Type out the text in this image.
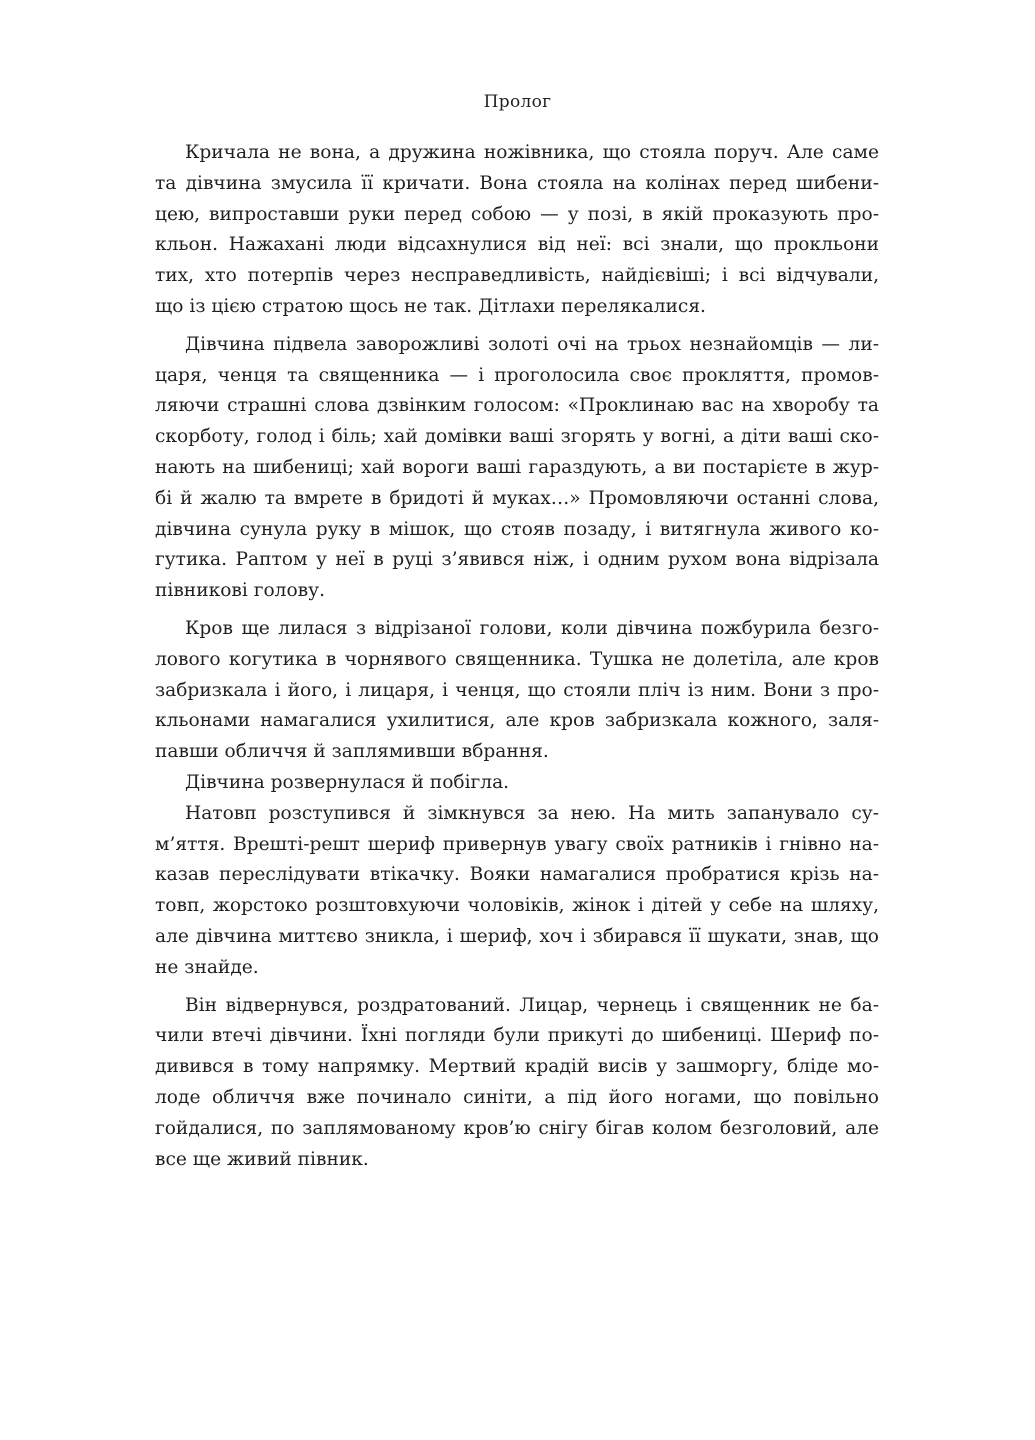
Пролог
Кричала не вона, а дружина ножівника, що стояла поруч. Але саме
та дівчина змусила її кричати. Вона стояла на колінах перед шибени-
цею, випроставши руки перед собою — у позі, в якій проказують про-
кльон. Нажахані люди відсахнулися від неї: всі знали, що прокльони
тих, хто потерпів через несправедливість, найдієвіші; і всі відчували,
що із цією стратою щось не так. Дітлахи перелякалися.
Дівчина підвела заворожливі золоті очі на трьох незнайомців — ли-
царя, ченця та священника — і проголосила своє прокляття, промов-
ляючи страшні слова дзвінким голосом: «Проклинаю вас на хворобу та
скорботу, голод і біль; хай домівки ваші згорять у вогні, а діти ваші ско-
нають на шибениці; хай вороги ваші гараздують, а ви постарієте в жур-
бі й жалю та вмрете в бридоті й муках…» Промовляючи останні слова,
дівчина сунула руку в мішок, що стояв позаду, і витягнула живого ко-
гутика. Раптом у неї в руці з’явився ніж, і одним рухом вона відрізала
півникові голову.
Кров ще лилася з відрізаної голови, коли дівчина пожбурила безго-
лового когутика в чорнявого священника. Тушка не долетіла, але кров
забризкала і його, і лицаря, і ченця, що стояли пліч із ним. Вони з про-
кльонами намагалися ухилитися, але кров забризкала кожного, заля-
павши обличчя й заплямивши вбрання.
Дівчина розвернулася й побігла.
Натовп розступився й зімкнувся за нею. На мить запанувало су-
м’яття. Врешті-решт шериф привернув увагу своїх ратників і гнівно на-
казав переслідувати втікачку. Вояки намагалися пробратися крізь на-
товп, жорстоко розштовхуючи чоловіків, жінок і дітей у себе на шляху,
але дівчина миттєво зникла, і шериф, хоч і збирався її шукати, знав, що
не знайде.
Він відвернувся, роздратований. Лицар, чернець і священник не ба-
чили втечі дівчини. Їхні погляди були прикуті до шибениці. Шериф по-
дивився в тому напрямку. Мертвий крадій висів у зашморгу, бліде мо-
лоде обличчя вже починало синіти, а під його ногами, що повільно
гойдалися, по заплямованому кров’ю снігу бігав колом безголовий, але
все ще живий півник.
